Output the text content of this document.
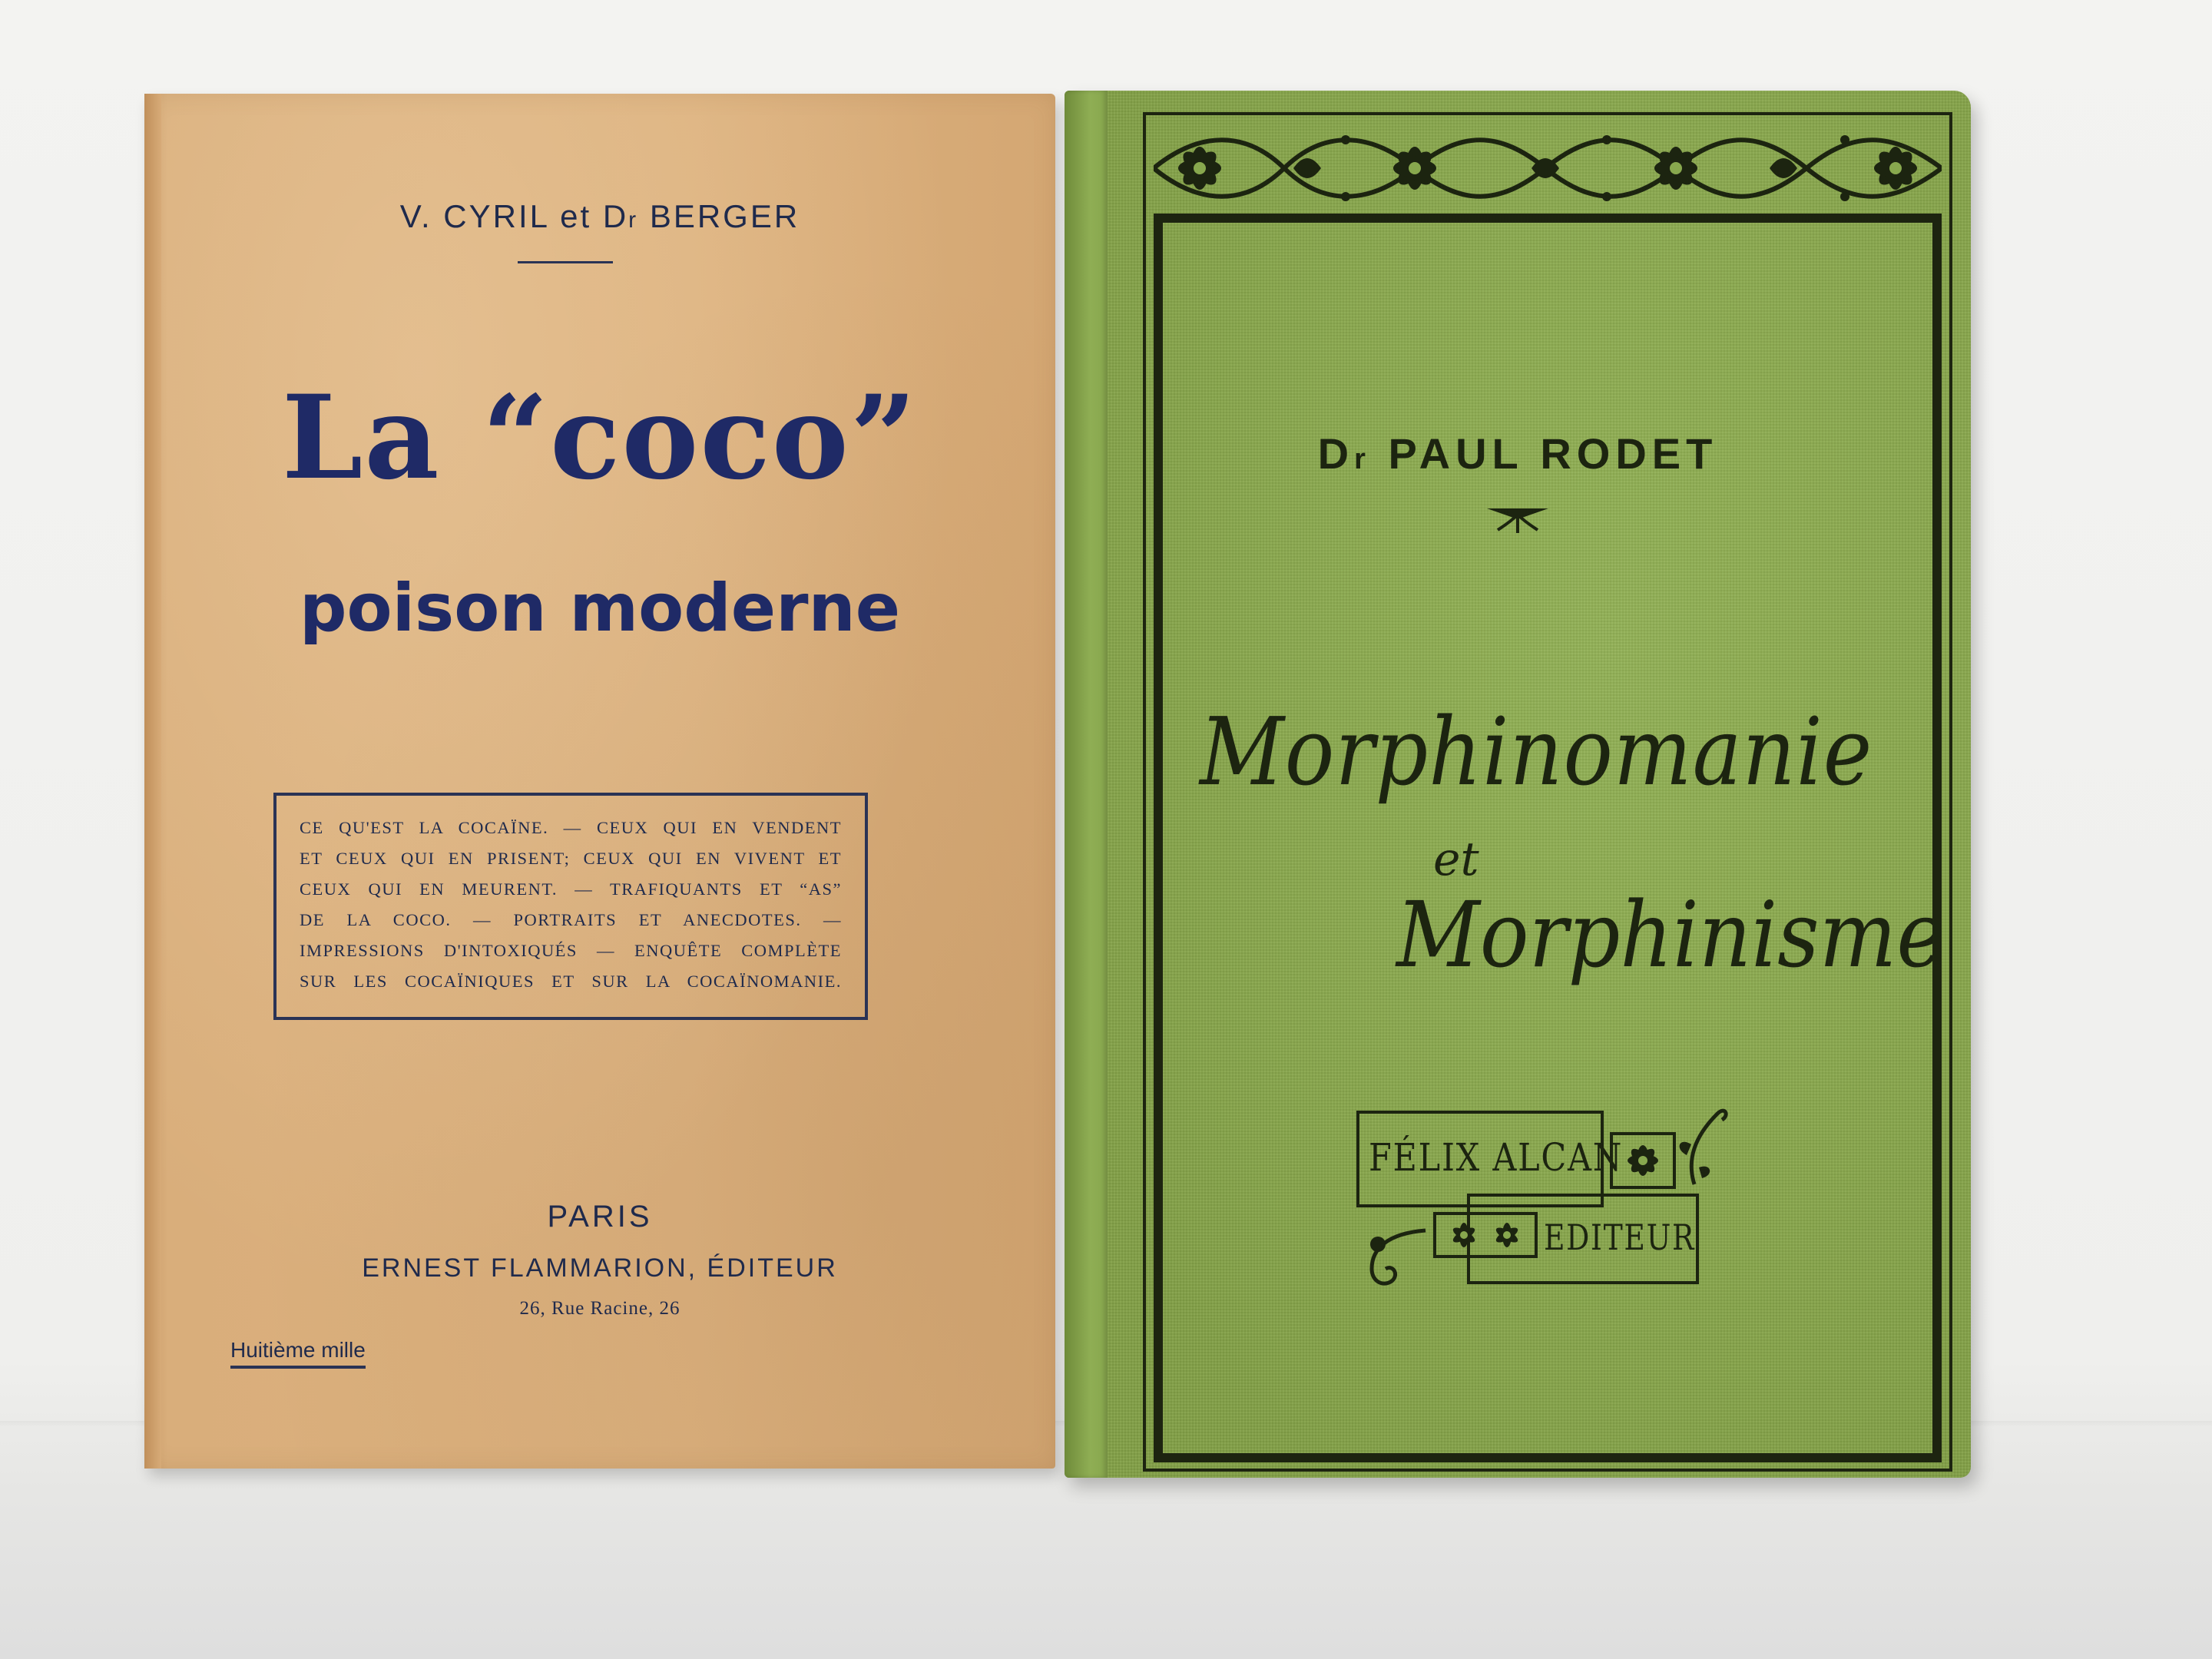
V. CYRIL et Dr BERGER
La “coco”
poison moderne
CE QU'EST LA COCAÏNE. — CEUX QUI EN VENDENT
ET CEUX QUI EN PRISENT; CEUX QUI EN VIVENT ET
CEUX QUI EN MEURENT. — TRAFIQUANTS ET “AS”
DE LA COCO. — PORTRAITS ET ANECDOTES. —
IMPRESSIONS D'INTOXIQUÉS — ENQUÊTE COMPLÈTE
SUR LES COCAÏNIQUES ET SUR LA COCAÏNOMANIE.
PARIS
ERNEST FLAMMARION, ÉDITEUR
26, Rue Racine, 26
Huitième mille
Dr PAUL RODET
Morphinomanie
et
Morphinisme
FÉLIX ALCAN
EDITEUR
